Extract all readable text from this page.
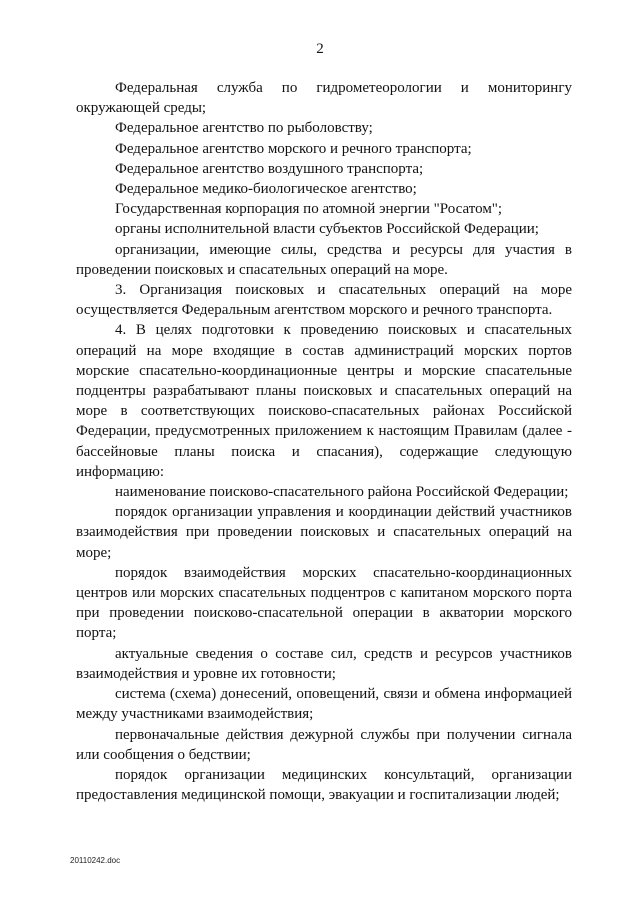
2

Федеральная служба по гидрометеорологии и мониторингу окружающей среды;

Федеральное агентство по рыболовству;

Федеральное агентство морского и речного транспорта;

Федеральное агентство воздушного транспорта;

Федеральное медико-биологическое агентство;

Государственная корпорация по атомной энергии "Росатом";

органы исполнительной власти субъектов Российской Федерации;

организации, имеющие силы, средства и ресурсы для участия в проведении поисковых и спасательных операций на море.

3. Организация поисковых и спасательных операций на море осуществляется Федеральным агентством морского и речного транспорта.

4. В целях подготовки к проведению поисковых и спасательных операций на море входящие в состав администраций морских портов морские спасательно-координационные центры и морские спасательные подцентры разрабатывают планы поисковых и спасательных операций на море в соответствующих поисково-спасательных районах Российской Федерации, предусмотренных приложением к настоящим Правилам (далее - бассейновые планы поиска и спасания), содержащие следующую информацию:

наименование поисково-спасательного района Российской Федерации;

порядок организации управления и координации действий участников взаимодействия при проведении поисковых и спасательных операций на море;

порядок взаимодействия морских спасательно-координационных центров или морских спасательных подцентров с капитаном морского порта при проведении поисково-спасательной операции в акватории морского порта;

актуальные сведения о составе сил, средств и ресурсов участников взаимодействия и уровне их готовности;

система (схема) донесений, оповещений, связи и обмена информацией между участниками взаимодействия;

первоначальные действия дежурной службы при получении сигнала или сообщения о бедствии;

порядок организации медицинских консультаций, организации предоставления медицинской помощи, эвакуации и госпитализации людей;

20110242.doc
